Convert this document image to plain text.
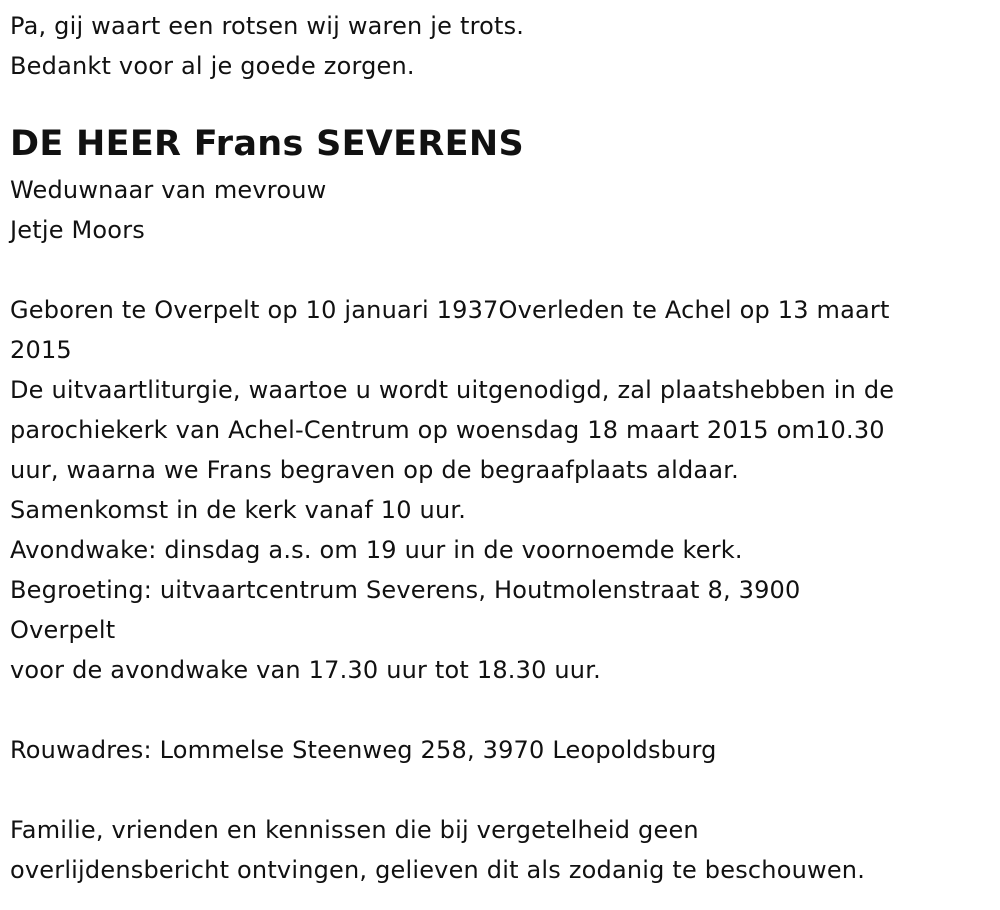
Pa, gij waart een rotsen wij waren je trots.
Bedankt voor al je goede zorgen.
DE HEER Frans SEVERENS
Weduwnaar van mevrouw
Jetje Moors
Geboren te Overpelt op 10 januari 1937Overleden te Achel op 13 maart
2015
De uitvaartliturgie, waartoe u wordt uitgenodigd, zal plaatshebben in de
parochiekerk van Achel-Centrum op woensdag 18 maart 2015 om10.30
uur, waarna we Frans begraven op de begraafplaats aldaar.
Samenkomst in de kerk vanaf 10 uur.
Avondwake: dinsdag a.s. om 19 uur in de voornoemde kerk.
Begroeting: uitvaartcentrum Severens, Houtmolenstraat 8, 3900
Overpelt
voor de avondwake van 17.30 uur tot 18.30 uur.
Rouwadres: Lommelse Steenweg 258, 3970 Leopoldsburg
Familie, vrienden en kennissen die bij vergetelheid geen
overlijdensbericht ontvingen, gelieven dit als zodanig te beschouwen.
